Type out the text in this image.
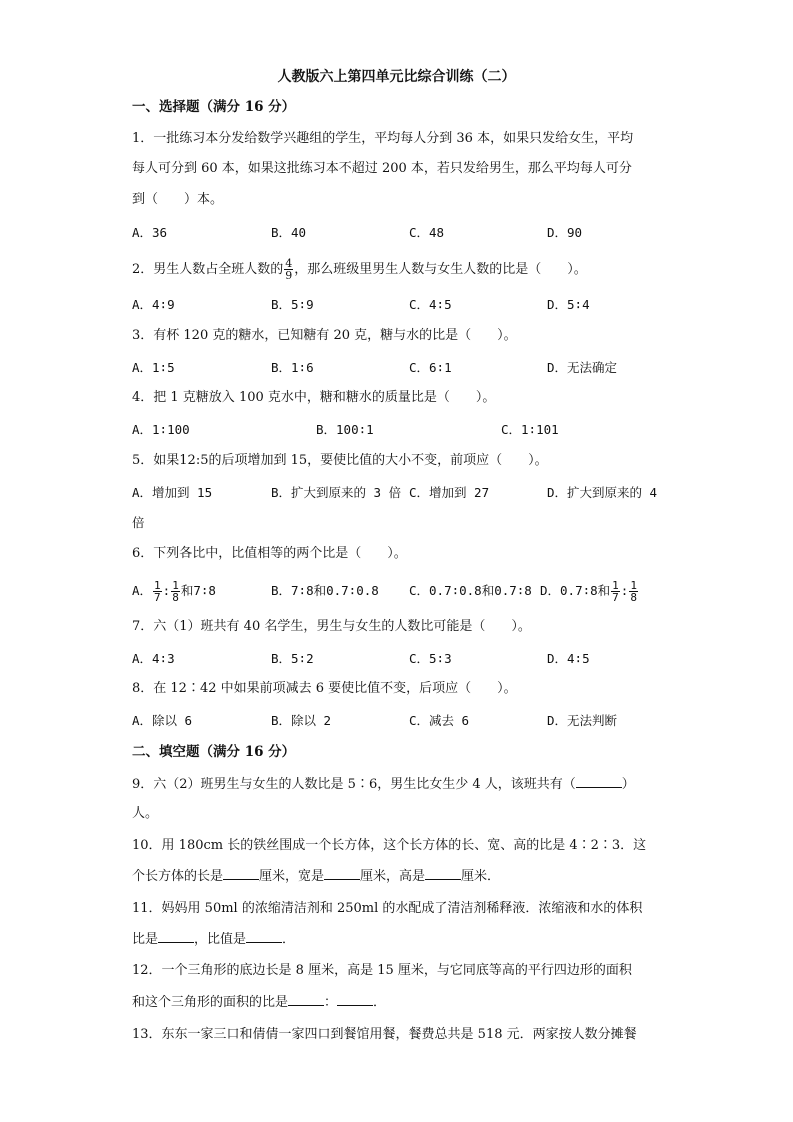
人教版六上第四单元比综合训练（二）
一、选择题（满分 16 分）
1．一批练习本分发给数学兴趣组的学生，平均每人分到 36 本，如果只发给女生，平均
每人可分到 60 本，如果这批练习本不超过 200 本，若只发给男生，那么平均每人可分
到（　　）本。
A．36	B．40	C．48	D．90
2．男生人数占全班人数的 $\frac{4}{9}$ ，那么班级里男生人数与女生人数的比是（　　）。
A．4∶9	B．5∶9	C．4∶5	D．5∶4
3．有杯 120 克的糖水，已知糖有 20 克，糖与水的比是（　　）。
A．1∶5	B．1∶6	C．6∶1	D．无法确定
4．把 1 克糖放入 100 克水中，糖和糖水的质量比是（　　）。
A．1∶100	B．100∶1	C．1∶101
5．如果12:5的后项增加到 15，要使比值的大小不变，前项应（　　）。
A．增加到 15	B．扩大到原来的 3 倍 C．增加到 27	D．扩大到原来的 4
倍
6．下列各比中，比值相等的两个比是（　　）。
A． $\frac{1}{7}$ : $\frac{1}{8}$ 和7∶8	B．7∶8和0.7∶0.8 C．0.7∶0.8和0.7∶8 D．0.7∶8和 $\frac{1}{7}$ : $\frac{1}{8}$
7．六（1）班共有 40 名学生，男生与女生的人数比可能是（　　）。
A．4∶3	B．5∶2	C．5∶3	D．4∶5
8．在 12∶42 中如果前项减去 6 要使比值不变，后项应（　　）。
A．除以 6	B．除以 2	C．减去 6	D．无法判断
二、填空题（满分 16 分）
9．六（2）班男生与女生的人数比是 5∶6，男生比女生少 4 人，该班共有（	）
人。
10．用 180cm 长的铁丝围成一个长方体，这个长方体的长、宽、高的比是 4∶2∶3．这
个长方体的长是	厘米，宽是	厘米，高是	厘米．
11．妈妈用 50ml 的浓缩清洁剂和 250ml 的水配成了清洁剂稀释液．浓缩液和水的体积
比是	，比值是	．
12．一个三角形的底边长是 8 厘米，高是 15 厘米，与它同底等高的平行四边形的面积
和这个三角形的面积的比是	：	．
13．东东一家三口和倩倩一家四口到餐馆用餐，餐费总共是 518 元．两家按人数分摊餐
